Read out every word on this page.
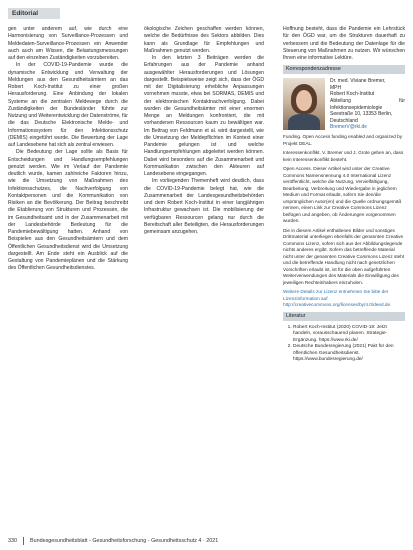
Editorial

gen unter anderem auf, wie durch eine Harmonisierung von Surveillance-Prozessen und Meldedaten-Surveillance-Prozessen ein Anwender auch auch am Wissen, die Belastungsmessungen auf den einzelnen Zuständigkeiten vorzubereiten.

In der COVID-19-Pandemie wurde die dynamische Entwicklung und Verwaltung der Meldungen aus den Gesundheitsämtern an das Robert Koch-Institut zu einer großen Herausforderung. Eine Anbindung der lokalen Systeme an die zentralen Meldewege durch die Zuständigkeiten der Bundesländer führte zur Nutzung und Weiterentwicklung der Datenströme, für die das Deutsche Elektronische Melde- und Informationssystem für den Infektionsschutz (DEMIS) eingeführt wurde. Die Bewertung der Lage auf Landesebene hat sich als zentral erwiesen.

Die Bedeutung der Lage sollte als Basis für Entscheidungen und Handlungsempfehlungen genutzt werden. Wie im Verlauf der Pandemie deutlich wurde, kamen zahlreiche Faktoren hinzu, wie die Umsetzung von Maßnahmen des Infektionsschutzes, die Nachverfolgung von Kontaktpersonen und die Kommunikation von Risiken an die Bevölkerung. Der Beitrag beschreibt die Etablierung von Strukturen und Prozessen, die im Gesundheitsamt und in der Zusammenarbeit mit der Landesbehörde Bedeutung für die Pandemiebewältigung hatten. Anhand von Beispielen aus den Gesundheitsämtern und dem Öffentlichen Gesundheitsdienst wird die Umsetzung dargestellt. Am Ende steht ein Ausblick auf die Gestaltung von Pandemieplänen und die Stärkung des Öffentlichen Gesundheitsdienstes.

ökologische Zeichen geschaffen werden können, welche die Bedürfnisse des Sektors abbilden. Dies kann als Grundlage für Empfehlungen und Maßnahmen genutzt werden.

In den letzten 3 Beiträgen werden die Erfahrungen aus der Pandemie anhand ausgewählter Herausforderungen und Lösungen dargestellt. Beispielsweise zeigt sich, dass der ÖGD mit der Digitalisierung erhebliche Anpassungen vornehmen musste, etwa bei SORMAS, DEMIS und der elektronischen Kontaktnachverfolgung. Dabei wurden die Gesundheitsämter mit einer enormen Menge an Meldungen konfrontiert, die mit vorhandenen Ressourcen kaum zu bewältigen war. Im Beitrag von Feldmann et al. wird dargestellt, wie die Umsetzung der Meldepflichten im Kontext einer Pandemie gelungen ist und welche Handlungsempfehlungen abgeleitet werden können. Dabei wird besonders auf die Zusammenarbeit und Kommunikation zwischen den Akteuren auf Landesebene eingegangen.

Im vorliegenden Themenheft wird deutlich, dass die COVID-19-Pandemie belegt hat, wie die Zusammenarbeit der Landesgesundheitsbehörden und dem Robert Koch-Institut in einer langjährigen Infrastruktur gewachsen ist. Die mobilisierung der verfügbaren Ressourcen gelang nur durch die Bereitschaft aller Beteiligten, die Herausforderungen gemeinsam anzugehen.

Hoffnung besteht, dass die Pandemie ein Lehrstück für den ÖGD war, um die Strukturen dauerhaft zu verbessern und die Bedeutung der Datenlage für die Steuerung von Maßnahmen zu nutzen. Wir wünschen Ihnen eine informative Lektüre.

Korrespondenzadresse
Dr. med. Viviane Bremer,
MPH
Robert Koch-Institut
Abteilung für Infektionsepidemiologie
Seestraße 10, 13353 Berlin,
Deutschland
BremerV@rki.de

Funding. Open Access funding enabled and organized by Projekt DEAL.

Interessenkonflikt. V. Bremer und J. Grote geben an, dass kein Interessenkonflikt besteht.

Open Access. Dieser Artikel wird unter der Creative Commons Namensnennung 4.0 International Lizenz veröffentlicht, welche die Nutzung, Vervielfältigung, Bearbeitung, Verbreitung und Wiedergabe in jeglichem Medium und Format erlaubt, sofern Sie den/die ursprünglichen Autor(en) und die Quelle ordnungsgemäß nennen, einen Link zur Creative Commons Lizenz beifügen und angeben, ob Änderungen vorgenommen wurden.

Die in diesem Artikel enthaltenen Bilder und sonstiges Drittmaterial unterliegen ebenfalls der genannten Creative Commons Lizenz, sofern sich aus der Abbildungslegende nichts anderes ergibt. Sofern das betreffende Material nicht unter der genannten Creative Commons Lizenz steht und die betreffende Handlung nicht nach gesetzlichen Vorschriften erlaubt ist, ist für die oben aufgeführten Weiterverwendungen des Materials die Einwilligung des jeweiligen Rechteinhabers einzuholen.

Weitere Details zur Lizenz entnehmen Sie bitte der Lizenzinformation auf http://creativecommons.org/licenses/by/4.0/deed.de.

Literatur
1. Robert Koch-Institut (2020) COVID-19: Jetzt handeln, vorausschauend planen. Strategie-Ergänzung. https://www.rki.de/
2. Deutsche Bundesregierung (2021) Pakt für den öffentlichen Gesundheitsdienst. https://www.bundesregierung.de/
330 Bundesgesundheitsblatt - Gesundheitsforschung - Gesundheitsschutz 4 · 2021
